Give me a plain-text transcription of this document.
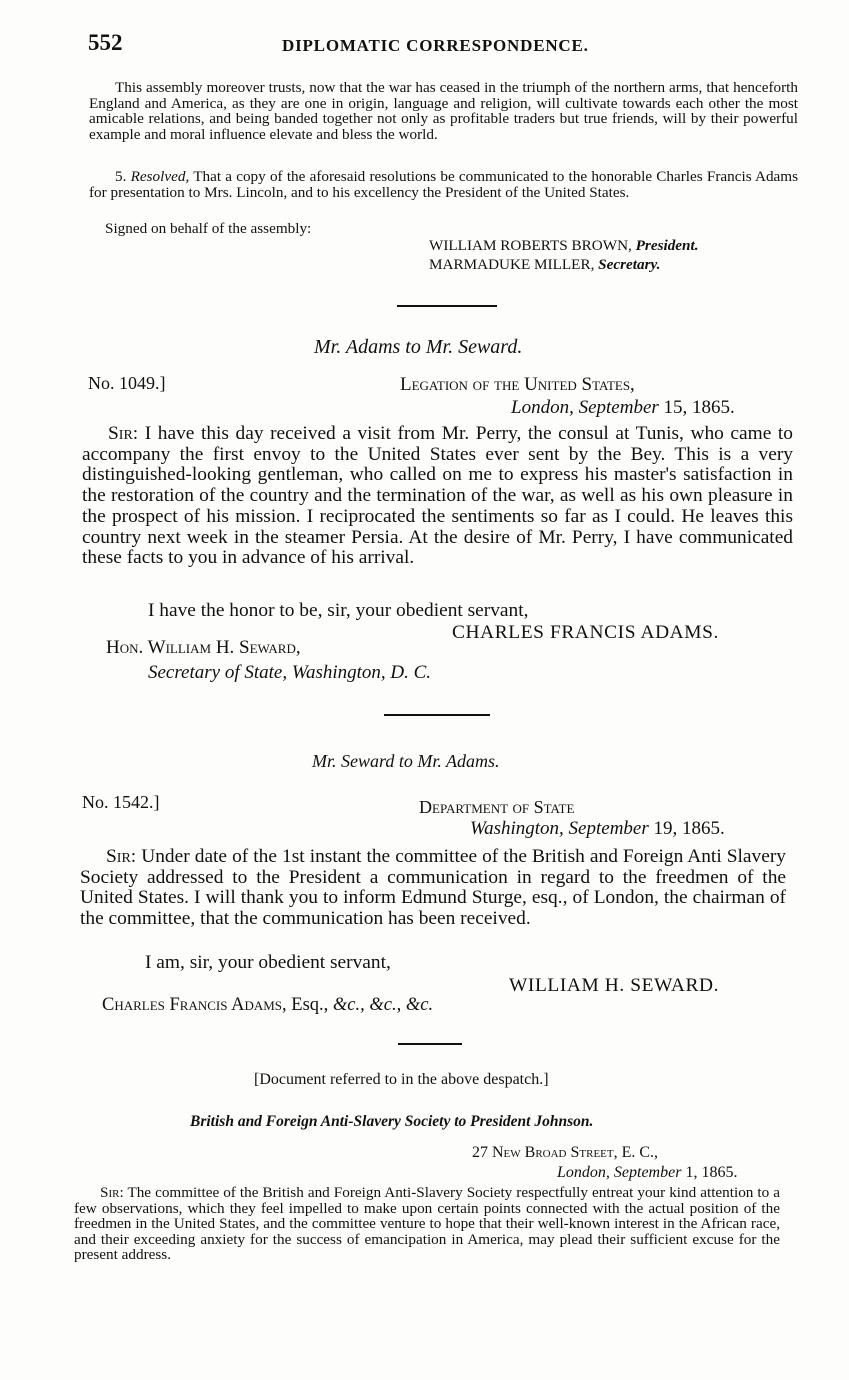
552	DIPLOMATIC CORRESPONDENCE.
This assembly moreover trusts, now that the war has ceased in the triumph of the northern arms, that henceforth England and America, as they are one in origin, language and religion, will cultivate towards each other the most amicable relations, and being banded together not only as profitable traders but true friends, will by their powerful example and moral influence elevate and bless the world.
5. Resolved, That a copy of the aforesaid resolutions be communicated to the honorable Charles Francis Adams for presentation to Mrs. Lincoln, and to his excellency the President of the United States.
Signed on behalf of the assembly:
WILLIAM ROBERTS BROWN, President.
MARMADUKE MILLER, Secretary.
Mr. Adams to Mr. Seward.
No. 1049.]	Legation of the United States,
London, September 15, 1865.
Sir: I have this day received a visit from Mr. Perry, the consul at Tunis, who came to accompany the first envoy to the United States ever sent by the Bey. This is a very distinguished-looking gentleman, who called on me to express his master's satisfaction in the restoration of the country and the termination of the war, as well as his own pleasure in the prospect of his mission. I reciprocated the sentiments so far as I could. He leaves this country next week in the steamer Persia. At the desire of Mr. Perry, I have communicated these facts to you in advance of his arrival.
I have the honor to be, sir, your obedient servant,
CHARLES FRANCIS ADAMS.
Hon. William H. Seward,
Secretary of State, Washington, D. C.
Mr. Seward to Mr. Adams.
No. 1542.]	Department of State
Washington, September 19, 1865.
Sir: Under date of the 1st instant the committee of the British and Foreign Anti Slavery Society addressed to the President a communication in regard to the freedmen of the United States. I will thank you to inform Edmund Sturge, esq., of London, the chairman of the committee, that the communication has been received.
I am, sir, your obedient servant,
WILLIAM H. SEWARD.
Charles Francis Adams, Esq., &c., &c., &c.
[Document referred to in the above despatch.]
British and Foreign Anti-Slavery Society to President Johnson.
27 New Broad Street, E. C.,
London, September 1, 1865.
Sir: The committee of the British and Foreign Anti-Slavery Society respectfully entreat your kind attention to a few observations, which they feel impelled to make upon certain points connected with the actual position of the freedmen in the United States, and the committee venture to hope that their well-known interest in the African race, and their exceeding anxiety for the success of emancipation in America, may plead their sufficient excuse for the present address.
